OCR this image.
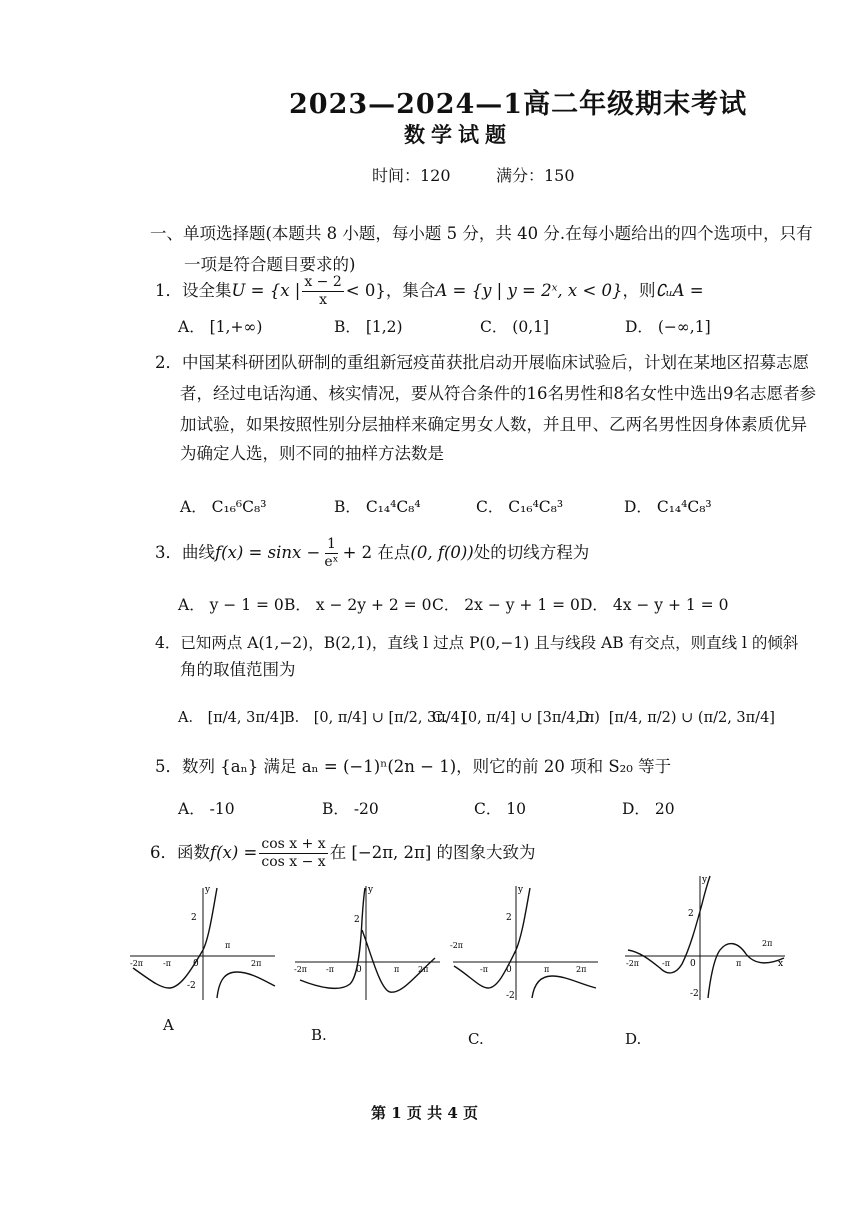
2023—2024—1高二年级期末考试
数学试题
时间：120	满分：150
一、单项选择题(本题共 8 小题，每小题 5 分，共 40 分.在每小题给出的四个选项中，只有
一项是符合题目要求的)
1．设全集 U = {x | $\frac{x - 2}{x} < 0$} ，集合 A = {y | y = 2ˣ, x < 0} ，则 ∁ᵤA =
A． [1,+∞)	B． [1,2)	C． (0,1]	D． (−∞,1]
2．中国某科研团队研制的重组新冠疫苗获批启动开展临床试验后，计划在某地区招募志愿
者，经过电话沟通、核实情况，要从符合条件的16名男性和8名女性中选出9名志愿者参
加试验，如果按照性别分层抽样来确定男女人数，并且甲、乙两名男性因身体素质优异
为确定人选，则不同的抽样方法数是
A． C₁₆⁶C₈³	B． C₁₄⁴C₈⁴	C． C₁₆⁴C₈³	D． C₁₄⁴C₈³
3．曲线 $f(x) = \sin x - \frac{1}{\text{eˣ}} + 2$ 在点 (0, f(0)) 处的切线方程为
A． y − 1 = 0 B． x − 2y + 2 = 0 C． 2x − y + 1 = 0 D． 4x − y + 1 = 0
4．已知两点 A(1,−2)，B(2,1)，直线 l 过点 P(0,−1) 且与线段 AB 有交点，则直线 l 的倾斜
角的取值范围为
A． [π/4, 3π/4] B． [0, π/4] ∪ [π/2, 3π/4]
C． [0, π/4] ∪ [3π/4, π)
D． [π/4, π/2) ∪ (π/2, 3π/4]
5．数列 {aₙ} 满足 aₙ = (−1)ⁿ(2n − 1)，则它的前 20 项和 S₂₀ 等于
A． -10	B． -20	C． 10	D． 20
6．函数 $f(x) = \frac{\text{cos x + x}}{\text{cos x − x}}$ 在 [−2π, 2π] 的图象大致为
y
2
-2
0
-2π -π
π
2π
y
2
0
-2π -π	π 2π
y
2
-2
0
-2π
-π	π	2π
y
x
2
-2
0
-2π	-π	π
2π
A
B.	C.	D.
第 1 页 共 4 页
